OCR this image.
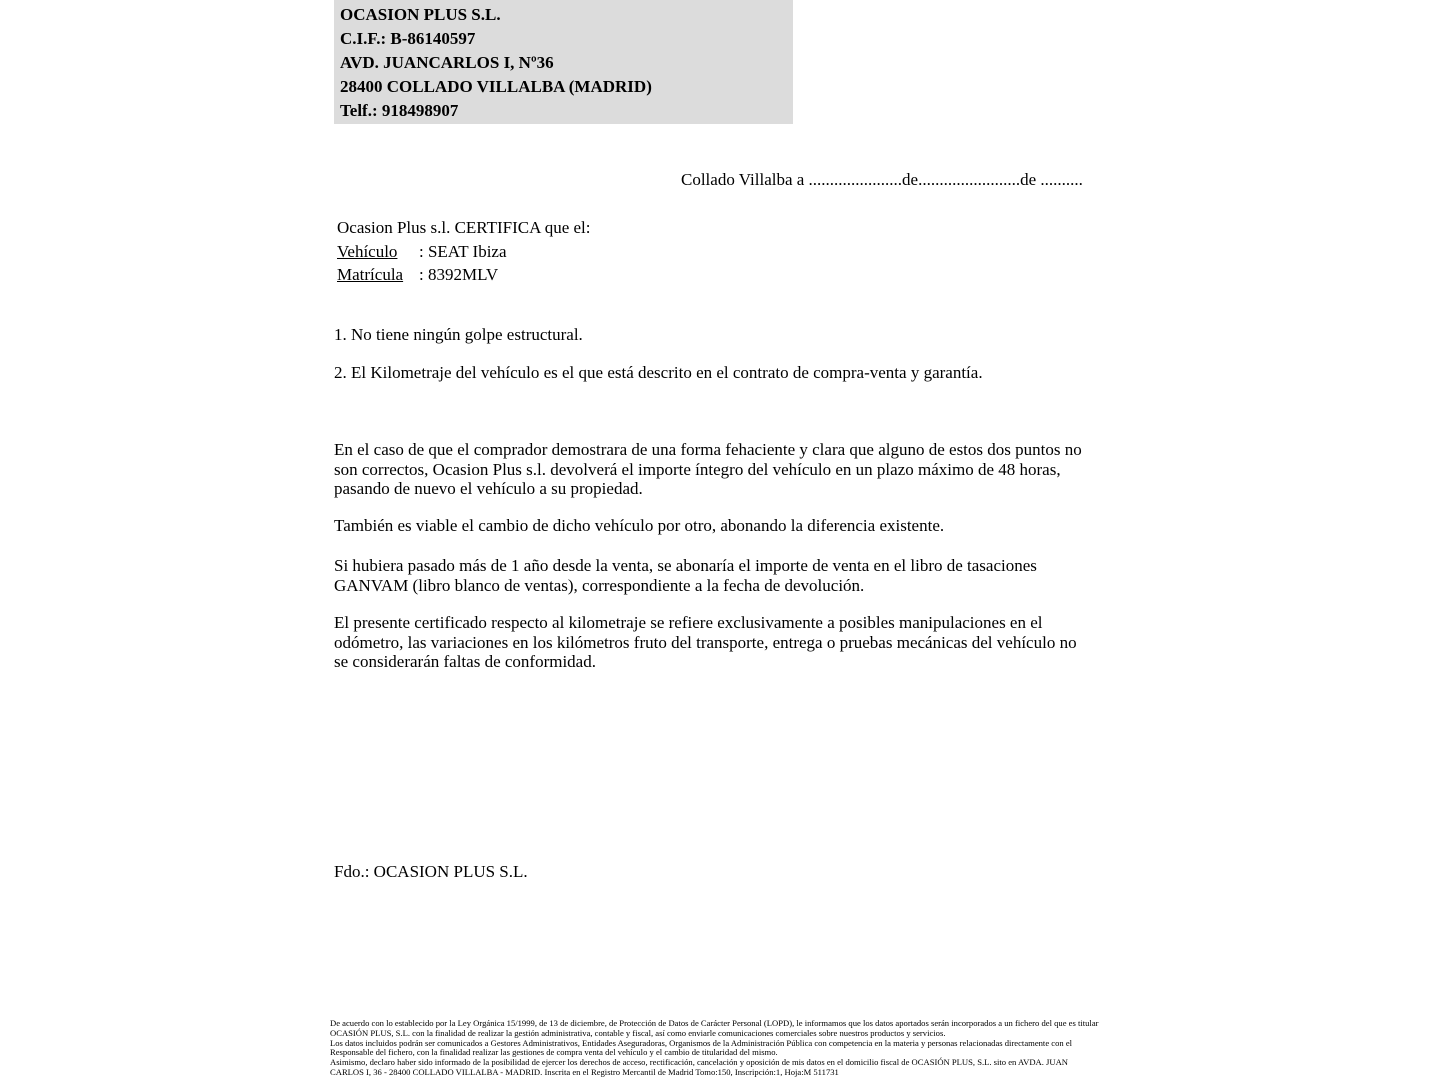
OCASION PLUS S.L.
C.I.F.: B-86140597
AVD. JUANCARLOS I, Nº36
28400 COLLADO VILLALBA (MADRID)
Telf.: 918498907
Collado Villalba a ......................de........................de ..........
Ocasion Plus s.l. CERTIFICA que el:
Vehículo : SEAT Ibiza
Matrícula : 8392MLV
1. No tiene ningún golpe estructural.
2. El Kilometraje del vehículo es el que está descrito en el contrato de compra-venta y garantía.
En el caso de que el comprador demostrara de una forma fehaciente y clara que alguno de estos dos puntos no son correctos, Ocasion Plus s.l. devolverá el importe íntegro del vehículo en un plazo máximo de 48 horas, pasando de nuevo el vehículo a su propiedad.
También es viable el cambio de dicho vehículo por otro, abonando la diferencia existente.
Si hubiera pasado más de 1 año desde la venta, se abonaría el importe de venta en el libro de tasaciones GANVAM (libro blanco de ventas), correspondiente a la fecha de devolución.
El presente certificado respecto al kilometraje se refiere exclusivamente a posibles manipulaciones en el odómetro, las variaciones en los kilómetros fruto del transporte, entrega o pruebas mecánicas del vehículo no se considerarán faltas de conformidad.
Fdo.: OCASION PLUS S.L.
De acuerdo con lo establecido por la Ley Orgánica 15/1999, de 13 de diciembre, de Protección de Datos de Carácter Personal (LOPD), le informamos que los datos aportados serán incorporados a un fichero del que es titular
OCASIÓN PLUS, S.L. con la finalidad de realizar la gestión administrativa, contable y fiscal, así como enviarle comunicaciones comerciales sobre nuestros productos y servicios.
Los datos incluidos podrán ser comunicados a Gestores Administrativos, Entidades Aseguradoras, Organismos de la Administración Pública con competencia en la materia y personas relacionadas directamente con el
Responsable del fichero, con la finalidad realizar las gestiones de compra venta del vehículo y el cambio de titularidad del mismo.
Asimismo, declaro haber sido informado de la posibilidad de ejercer los derechos de acceso, rectificación, cancelación y oposición de mis datos en el domicilio fiscal de OCASIÓN PLUS, S.L. sito en AVDA. JUAN
CARLOS I, 36 - 28400 COLLADO VILLALBA - MADRID. Inscrita en el Registro Mercantil de Madrid Tomo:150, Inscripción:1, Hoja:M 511731
